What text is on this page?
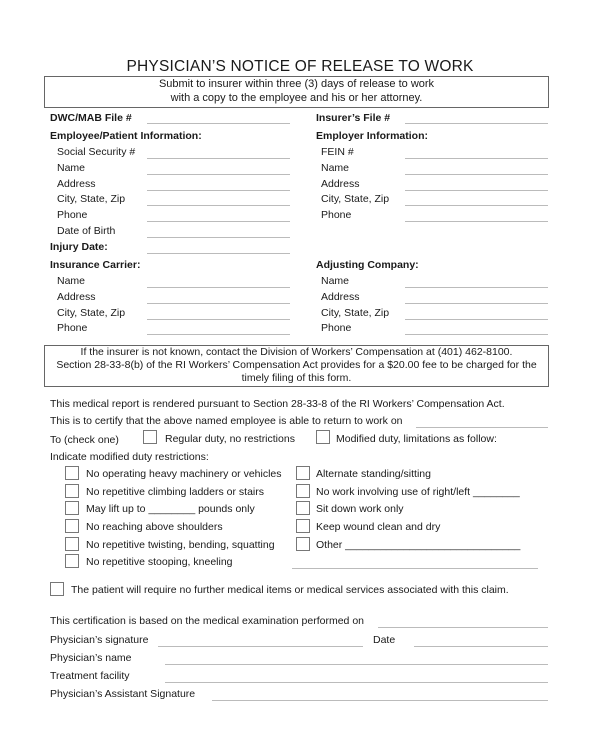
PHYSICIAN’S NOTICE OF RELEASE TO WORK
Submit to insurer within three (3) days of release to work
with a copy to the employee and his or her attorney.
DWC/MAB File #	Insurer’s File #
Employee/Patient Information:
Social Security #
Name
Address
City, State, Zip
Phone
Date of Birth
Injury Date:
Employer Information:
FEIN #
Name
Address
City, State, Zip
Phone
Insurance Carrier:
Name
Address
City, State, Zip
Phone
Adjusting Company:
Name
Address
City, State, Zip
Phone
If the insurer is not known, contact the Division of Workers’ Compensation at (401) 462-8100.
Section 28-33-8(b) of the RI Workers’ Compensation Act provides for a $20.00 fee to be charged for the
timely filing of this form.
This medical report is rendered pursuant to Section 28-33-8 of the RI Workers’ Compensation Act.
This is to certify that the above named employee is able to return to work on
To (check one)	Regular duty, no restrictions	Modified duty, limitations as follow:
Indicate modified duty restrictions:
No operating heavy machinery or vehicles
No repetitive climbing ladders or stairs
May lift up to ________ pounds only
No reaching above shoulders
No repetitive twisting, bending, squatting
No repetitive stooping, kneeling
Alternate standing/sitting
No work involving use of right/left ________
Sit down work only
Keep wound clean and dry
Other ______________________________
The patient will require no further medical items or medical services associated with this claim.
This certification is based on the medical examination performed on
Physician’s signature	Date
Physician’s name
Treatment facility
Physician’s Assistant Signature
